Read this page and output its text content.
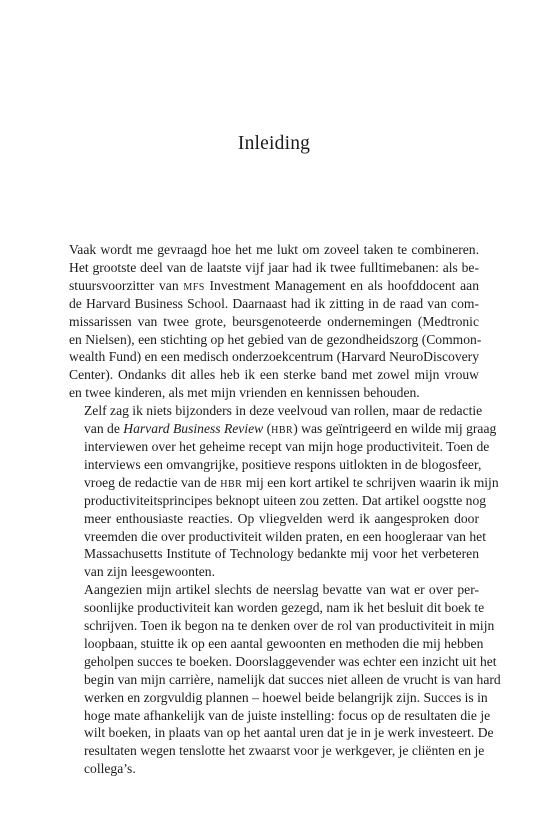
Inleiding
Vaak wordt me gevraagd hoe het me lukt om zoveel taken te combineren.
Het grootste deel van de laatste vijf jaar had ik twee fulltimebanen: als be-
stuursvoorzitter van mfs Investment Management en als hoofddocent aan
de Harvard Business School. Daarnaast had ik zitting in de raad van com-
missarissen van twee grote, beursgenoteerde ondernemingen (Medtronic
en Nielsen), een stichting op het gebied van de gezondheidszorg (Common-
wealth Fund) en een medisch onderzoekcentrum (Harvard NeuroDiscovery
Center). Ondanks dit alles heb ik een sterke band met zowel mijn vrouw
en twee kinderen, als met mijn vrienden en kennissen behouden.
Zelf zag ik niets bijzonders in deze veelvoud van rollen, maar de redactie
van de Harvard Business Review (hbr) was geïntrigeerd en wilde mij graag
interviewen over het geheime recept van mijn hoge productiviteit. Toen de
interviews een omvangrijke, positieve respons uitlokten in de blogosfeer,
vroeg de redactie van de hbr mij een kort artikel te schrijven waarin ik mijn
productiviteitsprincipes beknopt uiteen zou zetten. Dat artikel oogstte nog
meer enthousiaste reacties. Op vliegvelden werd ik aangesproken door
vreemden die over productiviteit wilden praten, en een hoogleraar van het
Massachusetts Institute of Technology bedankte mij voor het verbeteren
van zijn leesgewoonten.
Aangezien mijn artikel slechts de neerslag bevatte van wat er over per-
soonlijke productiviteit kan worden gezegd, nam ik het besluit dit boek te
schrijven. Toen ik begon na te denken over de rol van productiviteit in mijn
loopbaan, stuitte ik op een aantal gewoonten en methoden die mij hebben
geholpen succes te boeken. Doorslaggevender was echter een inzicht uit het
begin van mijn carrière, namelijk dat succes niet alleen de vrucht is van hard
werken en zorgvuldig plannen – hoewel beide belangrijk zijn. Succes is in
hoge mate afhankelijk van de juiste instelling: focus op de resultaten die je
wilt boeken, in plaats van op het aantal uren dat je in je werk investeert. De
resultaten wegen tenslotte het zwaarst voor je werkgever, je cliënten en je
collega’s.
